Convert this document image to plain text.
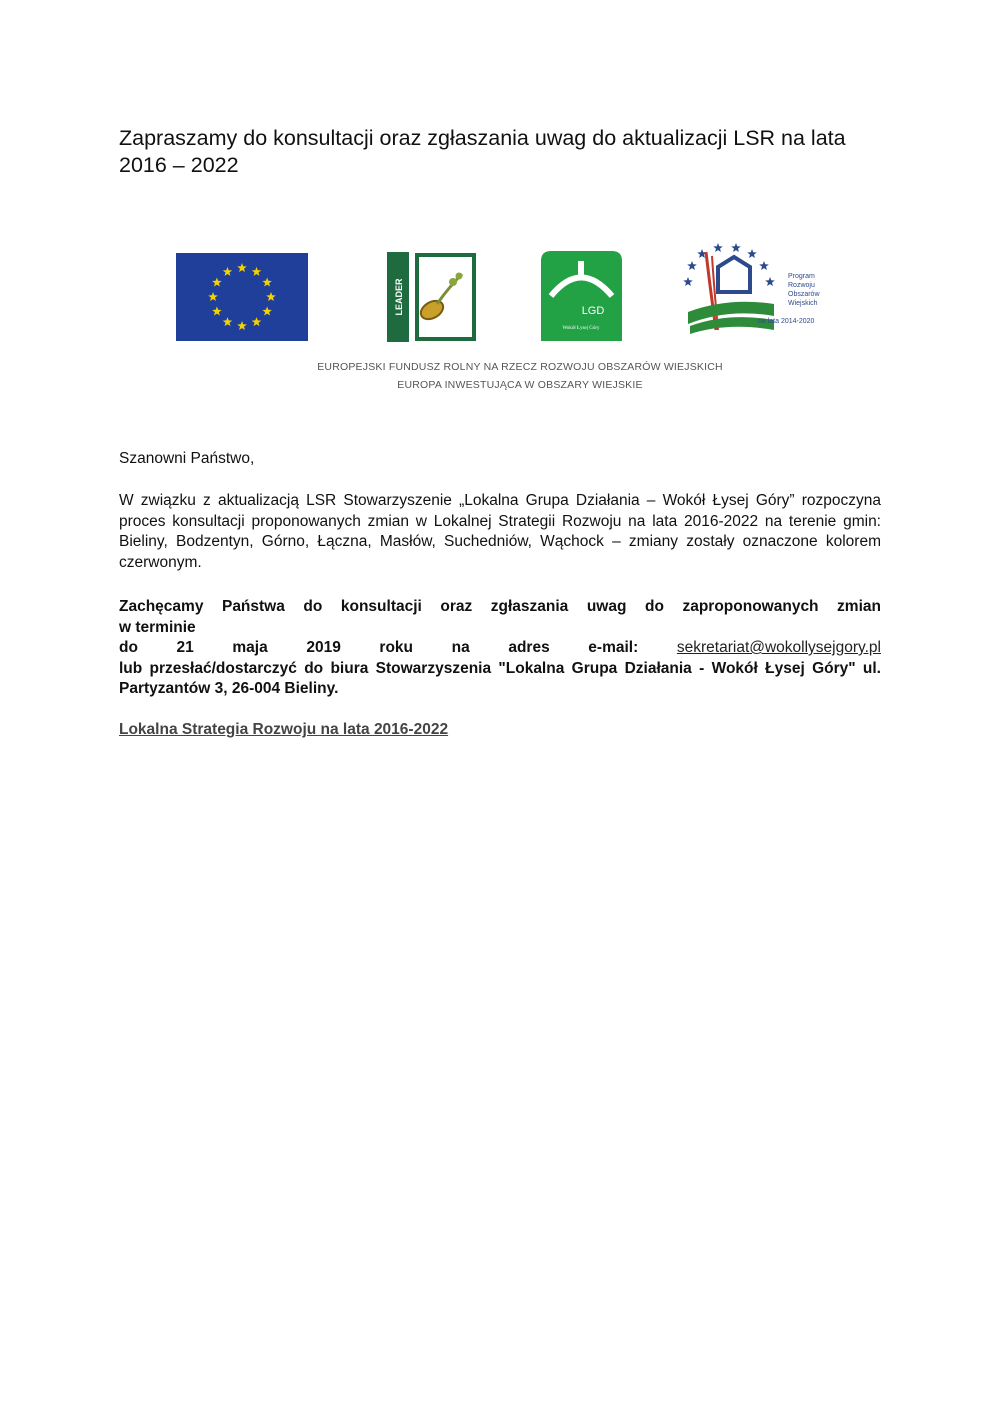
Zapraszamy do konsultacji oraz zgłaszania uwag do aktualizacji LSR na lata 2016 – 2022
LEADER	LGD
Wokół Łysej Góry
Program
Rozwoju
Obszarów
Wiejskich
na lata 2014-2020
EUROPEJSKI FUNDUSZ ROLNY NA RZECZ ROZWOJU OBSZARÓW WIEJSKICH
EUROPA INWESTUJĄCA W OBSZARY WIEJSKIE

Szanowni Państwo,

W związku z aktualizacją LSR Stowarzyszenie „Lokalna Grupa Działania – Wokół Łysej Góry” rozpoczyna proces konsultacji proponowanych zmian w Lokalnej Strategii Rozwoju na lata 2016-2022 na terenie gmin: Bieliny, Bodzentyn, Górno, Łączna, Masłów, Suchedniów, Wąchock – zmiany zostały oznaczone kolorem czerwonym.

Zachęcamy Państwa do konsultacji oraz zgłaszania uwag do zaproponowanych zmian
w terminie
do 21 maja 2019 roku na adres e-mail: sekretariat@wokollysejgory.pl
lub przesłać/dostarczyć do biura Stowarzyszenia "Lokalna Grupa Działania - Wokół Łysej Góry" ul. Partyzantów 3, 26-004 Bieliny.
Lokalna Strategia Rozwoju na lata 2016-2022
